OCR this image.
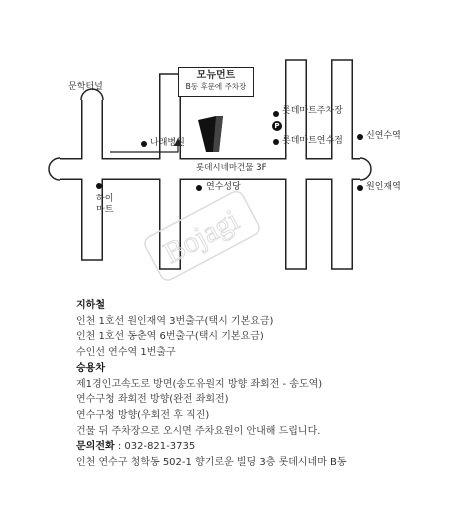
Bojagi
모뉴먼트
B동 후문에 주차장
문학터널
나래병원
롯데마트주차장
P
롯데마트연수점	신연수역
롯데시네마건물 3F
하이
마트
연수성당	원인재역
지하철
인천 1호선 원인재역 3번출구(택시 기본요금)
인천 1호선 동춘역 6번출구(택시 기본요금)
수인선 연수역 1번출구
승용차
제1경인고속도로 방면(송도유원지 방향 좌회전 - 송도역)
연수구청 좌회전 방향(완전 좌회전)
연수구청 방향(우회전 후 직진)
건물 뒤 주차장으로 오시면 주차요원이 안내해 드립니다.
문의전화 : 032-821-3735
인천 연수구 청학동 502-1 향기로운 빌딩 3층 롯데시네마 B동
